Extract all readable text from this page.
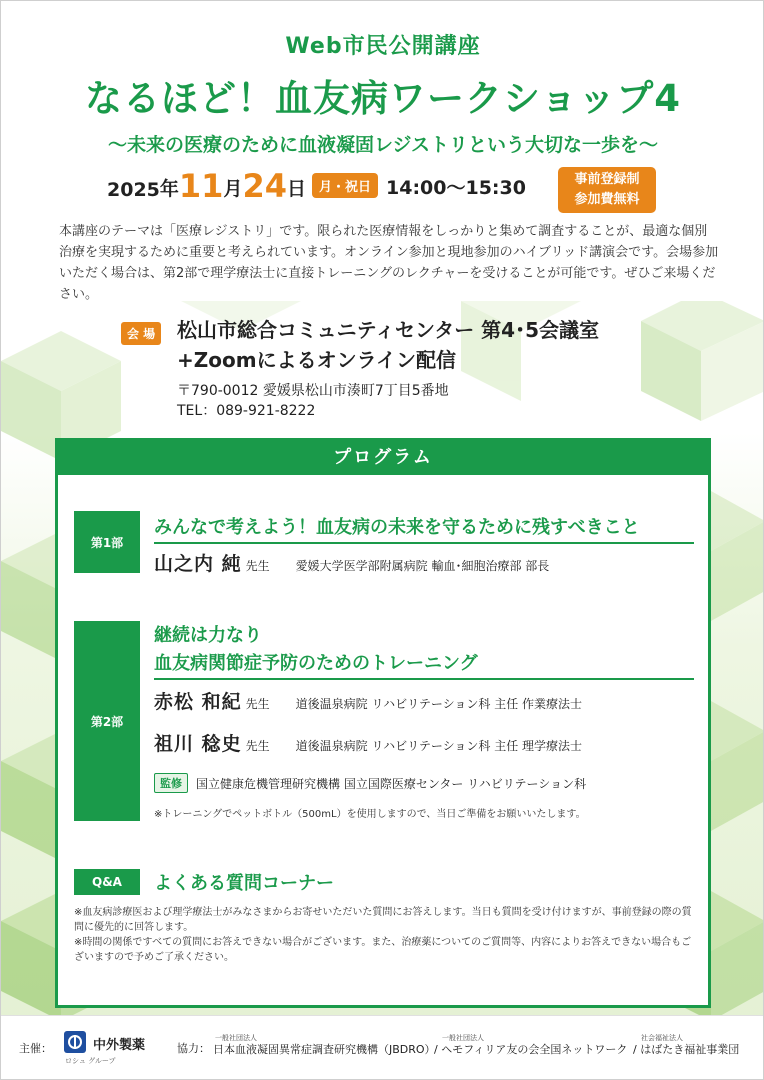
Web市民公開講座
なるほど！血友病ワークショップ4
〜未来の医療のために血液凝固レジストリという大切な一歩を〜
2025 年 11 月 24 日	月・祝日 14:00〜15:30	事前登録制
参加費無料
本講座のテーマは「医療レジストリ」です。限られた医療情報をしっかりと集めて調査することが、最適な個別治療を実現するために重要と考えられています。オンライン参加と現地参加のハイブリッド講演会です。会場参加いただく場合は、第2部で理学療法士に直接トレーニングのレクチャーを受けることが可能です。ぜひご来場ください。
会 場	松山市総合コミュニティセンター 第4･5会議室
+Zoomによるオンライン配信
〒790-0012 愛媛県松山市湊町7丁目5番地
TEL：089-921-8222
プログラム
第1部
みんなで考えよう！血友病の未来を守るために残すべきこと
山之内 純 先生 愛媛大学医学部附属病院 輸血･細胞治療部 部長
第2部
継続は力なり
血友病関節症予防のためのトレーニング
赤松 和紀 先生 道後温泉病院 リハビリテーション科 主任 作業療法士
祖川 稔史 先生 道後温泉病院 リハビリテーション科 主任 理学療法士
監修	国立健康危機管理研究機構 国立国際医療センター リハビリテーション科
※トレーニングでペットボトル（500mL）を使用しますので、当日ご準備をお願いいたします。
Q&A	よくある質問コーナー
※血友病診療医および理学療法士がみなさまからお寄せいただいた質問にお答えします。当日も質問を受け付けますが、事前登録の際の質問に優先的に回答します。
※時間の関係ですべての質問にお答えできない場合がございます。また、治療薬についてのご質問等、内容によりお答えできない場合もございますので予めご了承ください。
主催：	中外製薬
ロシュ グループ
協力：
一般社団法人
日本血液凝固異常症調査研究機構（JBDRO）
一般社団法人
/ ヘモフィリア友の会全国ネットワーク
社会福祉法人
/ はばたき福祉事業団
